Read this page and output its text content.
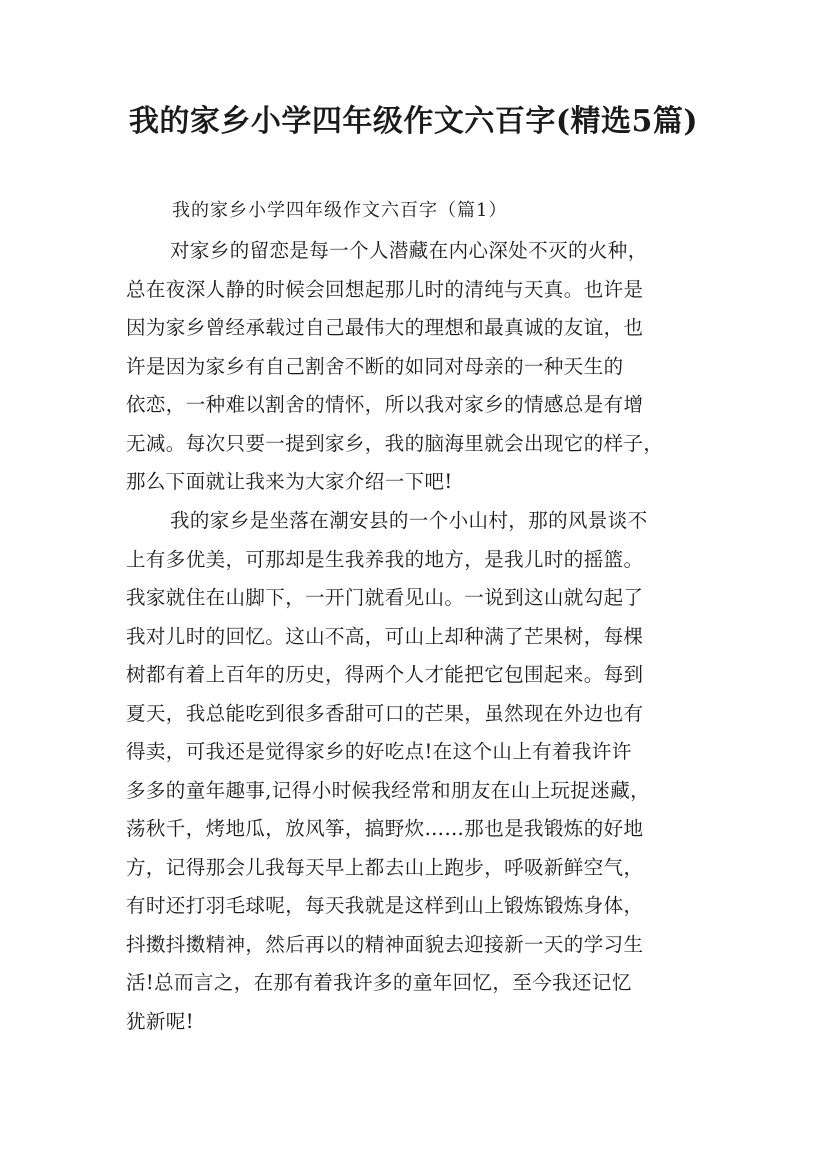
我的家乡小学四年级作文六百字(精选5篇)
我的家乡小学四年级作文六百字（篇1）
对家乡的留恋是每一个人潜藏在内心深处不灭的火种，
总在夜深人静的时候会回想起那儿时的清纯与天真。也许是
因为家乡曾经承载过自己最伟大的理想和最真诚的友谊，也
许是因为家乡有自己割舍不断的如同对母亲的一种天生的
依恋，一种难以割舍的情怀，所以我对家乡的情感总是有增
无减。每次只要一提到家乡，我的脑海里就会出现它的样子，
那么下面就让我来为大家介绍一下吧!
我的家乡是坐落在潮安县的一个小山村，那的风景谈不
上有多优美，可那却是生我养我的地方，是我儿时的摇篮。
我家就住在山脚下，一开门就看见山。一说到这山就勾起了
我对儿时的回忆。这山不高，可山上却种满了芒果树，每棵
树都有着上百年的历史，得两个人才能把它包围起来。每到
夏天，我总能吃到很多香甜可口的芒果，虽然现在外边也有
得卖，可我还是觉得家乡的好吃点!在这个山上有着我许许
多多的童年趣事,记得小时候我经常和朋友在山上玩捉迷藏，
荡秋千，烤地瓜，放风筝，搞野炊……那也是我锻炼的好地
方，记得那会儿我每天早上都去山上跑步，呼吸新鲜空气，
有时还打羽毛球呢，每天我就是这样到山上锻炼锻炼身体，
抖擞抖擞精神，然后再以的精神面貌去迎接新一天的学习生
活!总而言之，在那有着我许多的童年回忆，至今我还记忆
犹新呢!
